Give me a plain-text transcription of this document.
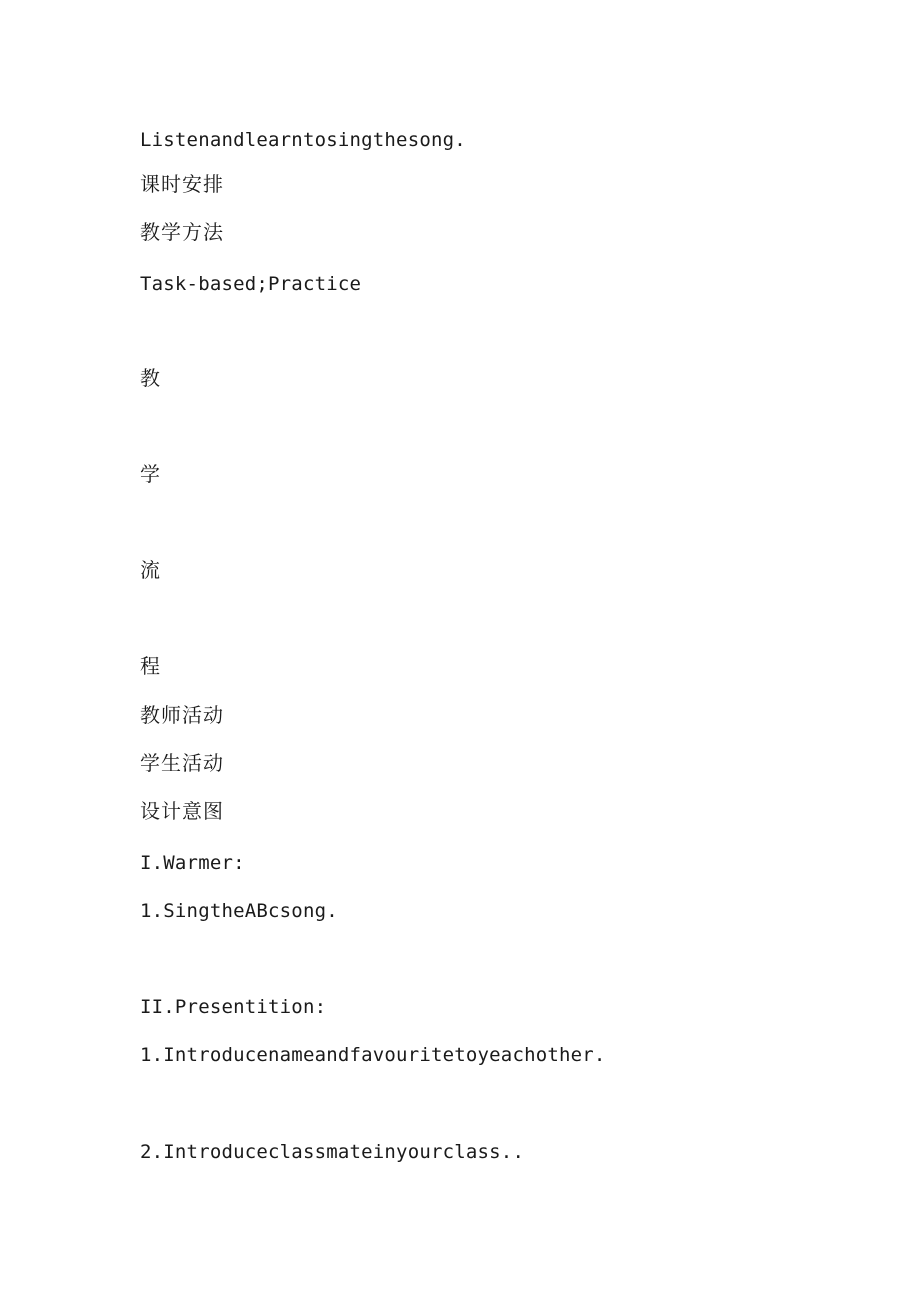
Listenandlearntosingthesong.
课时安排
教学方法
Task-based;Practice
教
学
流
程
教师活动
学生活动
设计意图
I.Warmer:
1.SingtheABcsong.
II.Presentition:
1.Introducenameandfavouritetoyeachother.
2.Introduceclassmateinyourclass..
